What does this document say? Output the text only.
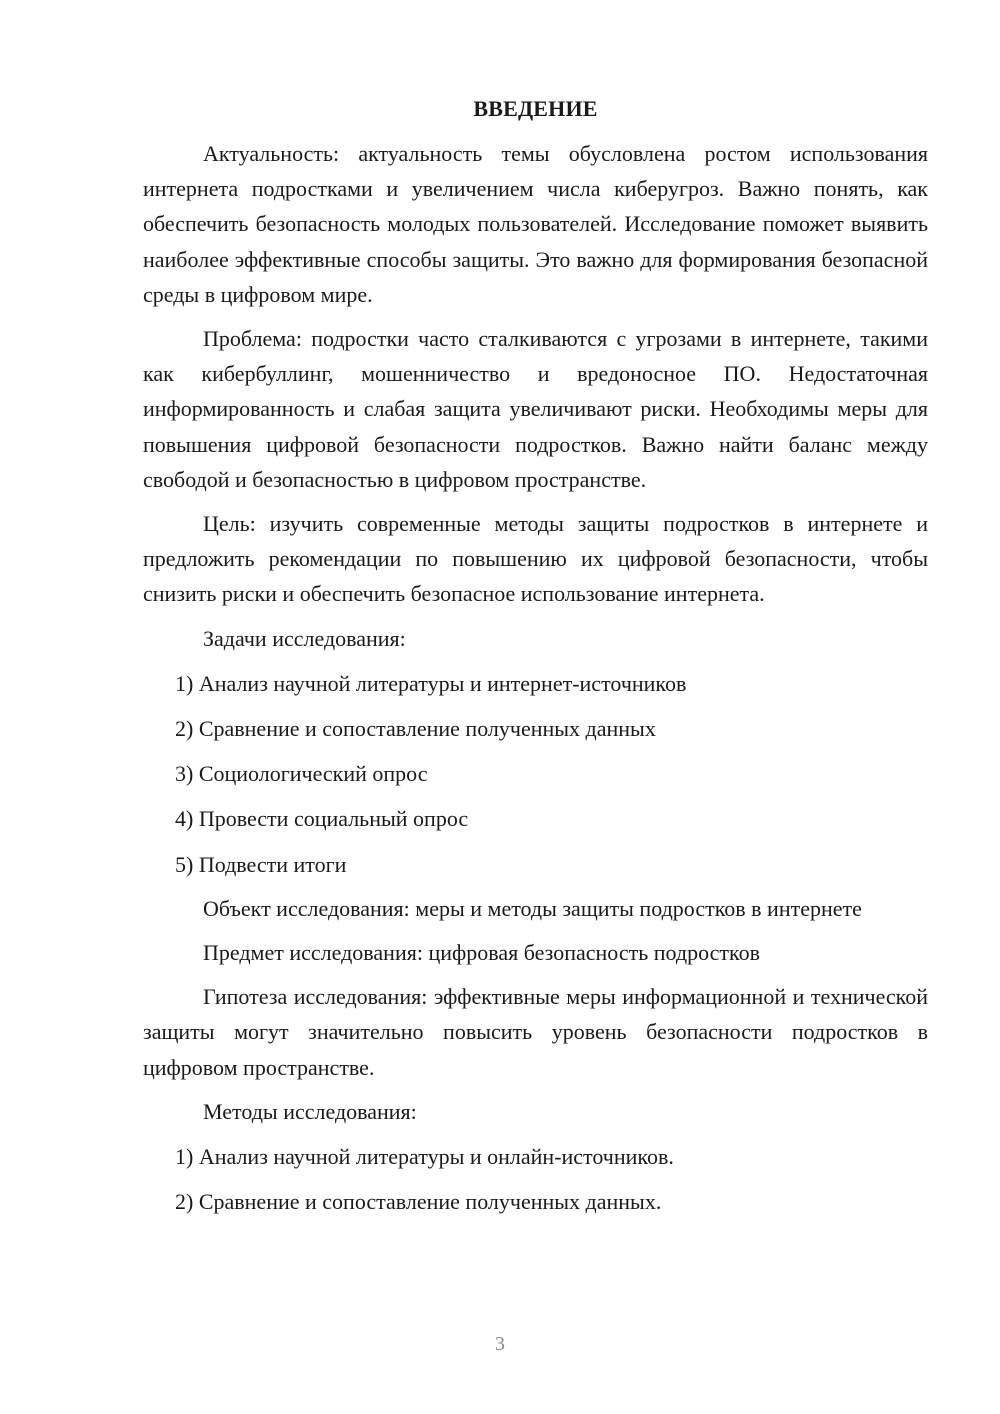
ВВЕДЕНИЕ

Актуальность: актуальность темы обусловлена ростом использования интернета подростками и увеличением числа киберугроз. Важно понять, как обеспечить безопасность молодых пользователей. Исследование поможет выявить наиболее эффективные способы защиты. Это важно для формирования безопасной среды в цифровом мире.

Проблема: подростки часто сталкиваются с угрозами в интернете, такими как кибербуллинг, мошенничество и вредоносное ПО. Недостаточная информированность и слабая защита увеличивают риски. Необходимы меры для повышения цифровой безопасности подростков. Важно найти баланс между свободой и безопасностью в цифровом пространстве.

Цель: изучить современные методы защиты подростков в интернете и предложить рекомендации по повышению их цифровой безопасности, чтобы снизить риски и обеспечить безопасное использование интернета.

Задачи исследования:

1) Анализ научной литературы и интернет-источников
2) Сравнение и сопоставление полученных данных
3) Социологический опрос
4) Провести социальный опрос
5) Подвести итоги

Объект исследования: меры и методы защиты подростков в интернете

Предмет исследования: цифровая безопасность подростков

Гипотеза исследования: эффективные меры информационной и технической защиты могут значительно повысить уровень безопасности подростков в цифровом пространстве.

Методы исследования:

1) Анализ научной литературы и онлайн-источников.
2) Сравнение и сопоставление полученных данных.
3
